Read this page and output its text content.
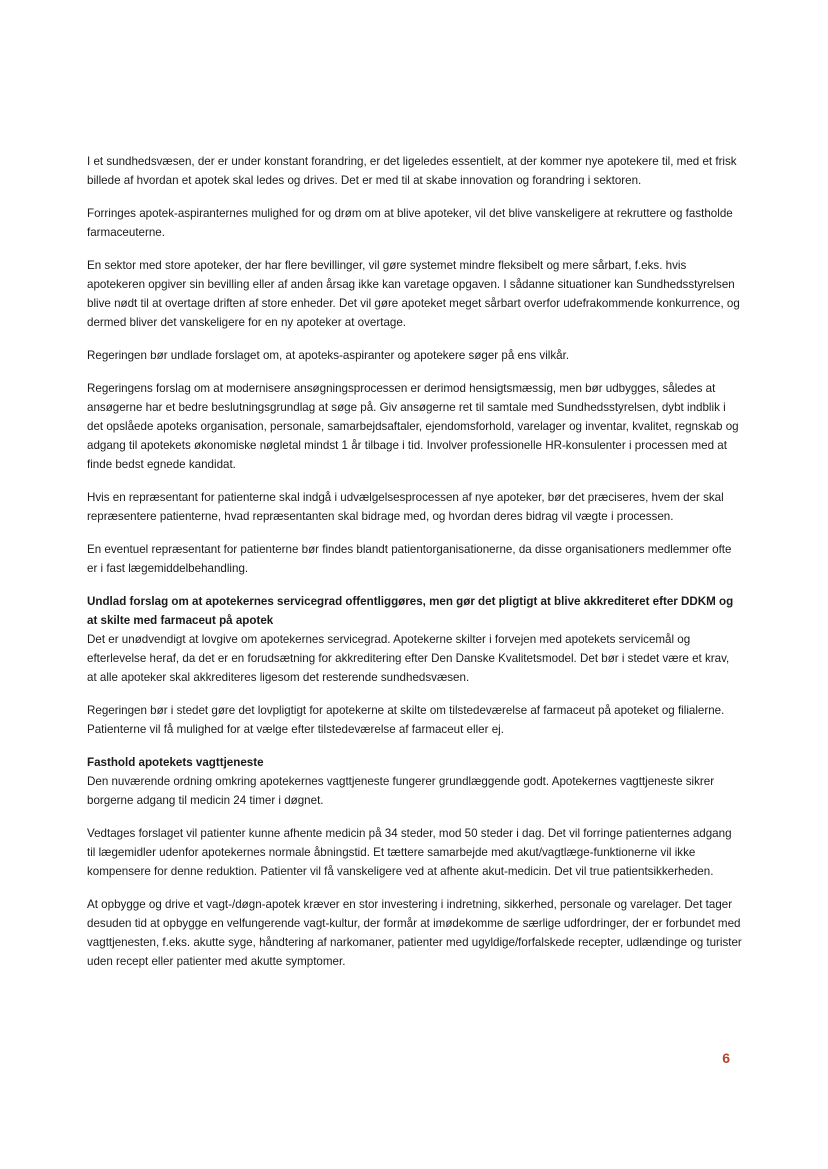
I et sundhedsvæsen, der er under konstant forandring, er det ligeledes essentielt, at der kommer nye apotekere til, med et frisk billede af hvordan et apotek skal ledes og drives. Det er med til at skabe innovation og forandring i sektoren.

Forringes apotek-aspiranternes mulighed for og drøm om at blive apoteker, vil det blive vanskeligere at rekruttere og fastholde farmaceuterne.

En sektor med store apoteker, der har flere bevillinger, vil gøre systemet mindre fleksibelt og mere sårbart, f.eks. hvis apotekeren opgiver sin bevilling eller af anden årsag ikke kan varetage opgaven. I sådanne situationer kan Sundhedsstyrelsen blive nødt til at overtage driften af store enheder. Det vil gøre apoteket meget sårbart overfor udefrakommende konkurrence, og dermed bliver det vanskeligere for en ny apoteker at overtage.

Regeringen bør undlade forslaget om, at apoteks-aspiranter og apotekere søger på ens vilkår.

Regeringens forslag om at modernisere ansøgningsprocessen er derimod hensigtsmæssig, men bør udbygges, således at ansøgerne har et bedre beslutningsgrundlag at søge på. Giv ansøgerne ret til samtale med Sundhedsstyrelsen, dybt indblik i det opslåede apoteks organisation, personale, samarbejdsaftaler, ejendomsforhold, varelager og inventar, kvalitet, regnskab og adgang til apotekets økonomiske nøgletal mindst 1 år tilbage i tid. Involver professionelle HR-konsulenter i processen med at finde bedst egnede kandidat.

Hvis en repræsentant for patienterne skal indgå i udvælgelsesprocessen af nye apoteker, bør det præciseres, hvem der skal repræsentere patienterne, hvad repræsentanten skal bidrage med, og hvordan deres bidrag vil vægte i processen.

En eventuel repræsentant for patienterne bør findes blandt patientorganisationerne, da disse organisationers medlemmer ofte er i fast lægemiddelbehandling.

Undlad forslag om at apotekernes servicegrad offentliggøres, men gør det pligtigt at blive akkrediteret efter DDKM og at skilte med farmaceut på apotek
Det er unødvendigt at lovgive om apotekernes servicegrad. Apotekerne skilter i forvejen med apotekets servicemål og efterlevelse heraf, da det er en forudsætning for akkreditering efter Den Danske Kvalitetsmodel. Det bør i stedet være et krav, at alle apoteker skal akkrediteres ligesom det resterende sundhedsvæsen.

Regeringen bør i stedet gøre det lovpligtigt for apotekerne at skilte om tilstedeværelse af farmaceut på apoteket og filialerne. Patienterne vil få mulighed for at vælge efter tilstedeværelse af farmaceut eller ej.

Fasthold apotekets vagttjeneste
Den nuværende ordning omkring apotekernes vagttjeneste fungerer grundlæggende godt. Apotekernes vagttjeneste sikrer borgerne adgang til medicin 24 timer i døgnet.

Vedtages forslaget vil patienter kunne afhente medicin på 34 steder, mod 50 steder i dag. Det vil forringe patienternes adgang til lægemidler udenfor apotekernes normale åbningstid. Et tættere samarbejde med akut/vagtlæge-funktionerne vil ikke kompensere for denne reduktion. Patienter vil få vanskeligere ved at afhente akut-medicin. Det vil true patientsikkerheden.

At opbygge og drive et vagt-/døgn-apotek kræver en stor investering i indretning, sikkerhed, personale og varelager. Det tager desuden tid at opbygge en velfungerende vagt-kultur, der formår at imødekomme de særlige udfordringer, der er forbundet med vagttjenesten, f.eks. akutte syge, håndtering af narkomaner, patienter med ugyldige/forfalskede recepter, udlændinge og turister uden recept eller patienter med akutte symptomer.

6
